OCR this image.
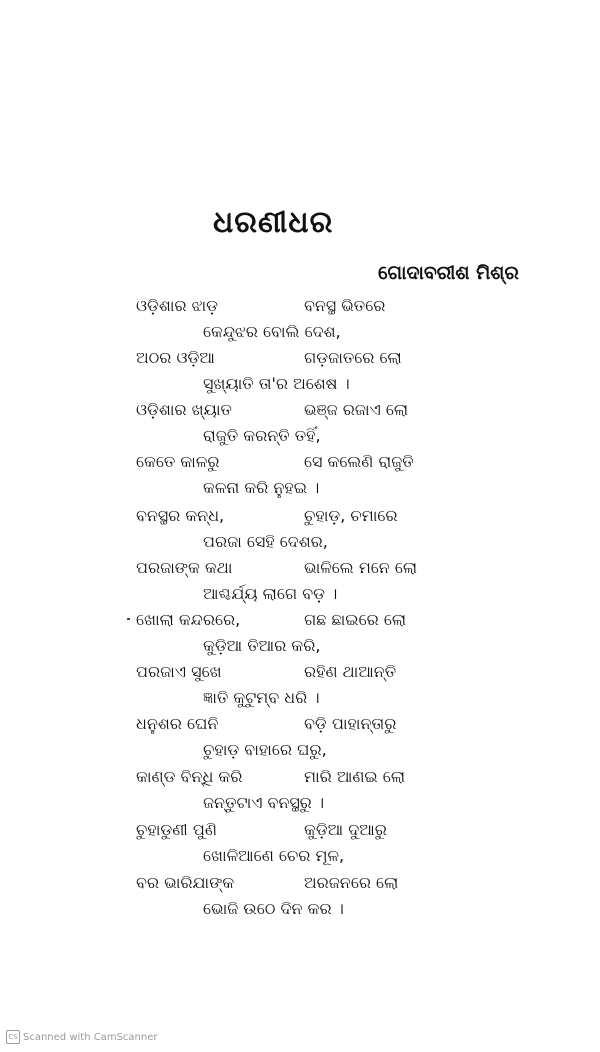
ଧରଣୀଧର
ଗୋଦାବରୀଶ ମିଶ୍ର
ଓଡ଼ିଶାର ଝାଡ଼	ବନସ୍ଥ ଭିତରେ
କେନ୍ଦୁଝର ବୋଲି ଦେଶ,
ଅଠର ଓଡ଼ିଆ	ଗଡ଼ଜାତରେ ଲୋ
ସୁଖ୍ୟାତି ତା'ର ଅଶେଷ ।
ଓଡ଼ିଶାର ଖ୍ୟାତ	ଭଞ୍ଜ ରଜାଏ ଲୋ
ରାଜୁତି କରନ୍ତି ତହିଁ,
କେତେ କାଳରୁ	ସେ କଲେଣି ରାଜୁତି
କଳନା କରି ନୁହଇ ।
ବନସ୍ଥର କନ୍ଧ,	ଚୁହାଡ଼, ଚମାରେ
ପରଜା ସେହି ଦେଶର,
ପରଜାଙ୍କ କଥା	ଭାଳିଲେ ମନେ ଲୋ
ଆଶ୍ଚର୍ଯ୍ୟ ଲାଗେ ବଡ଼ ।
ଖୋଲା କନ୍ଦରରେ,	ଗଛ ଛାଇରେ ଲୋ
କୁଡ଼ିଆ ତିଆର କରି,
ପରଜାଏ ସୁଖେ	ରହିଣ ଥାଆନ୍ତି
ଜ୍ଞାତି କୁଟୁମ୍ବ ଧରି ।
ଧନୁଶର ଘେନି	ବଡ଼ି ପାହାନ୍ତାରୁ
ଚୁହାଡ଼ ବାହାରେ ଘରୁ,
କାଣ୍ଡ ବିନ୍ଧି କରି	ମାରି ଆଣଇ ଲୋ
ଜନ୍ତୁଟାଏ ବନସ୍ଥରୁ ।
ଚୁହାଡୁଣୀ ପୁଣି	କୁଡ଼ିଆ ଦୁଆରୁ
ଖୋଳିଆଣେ ଚେର ମୂଳ,
ବର ଭାରିଯାଙ୍କ	ଅରଜନରେ ଲୋ
ଭୋଜି ଉଠେ ଦିନ କର ।
CS Scanned with CamScanner
